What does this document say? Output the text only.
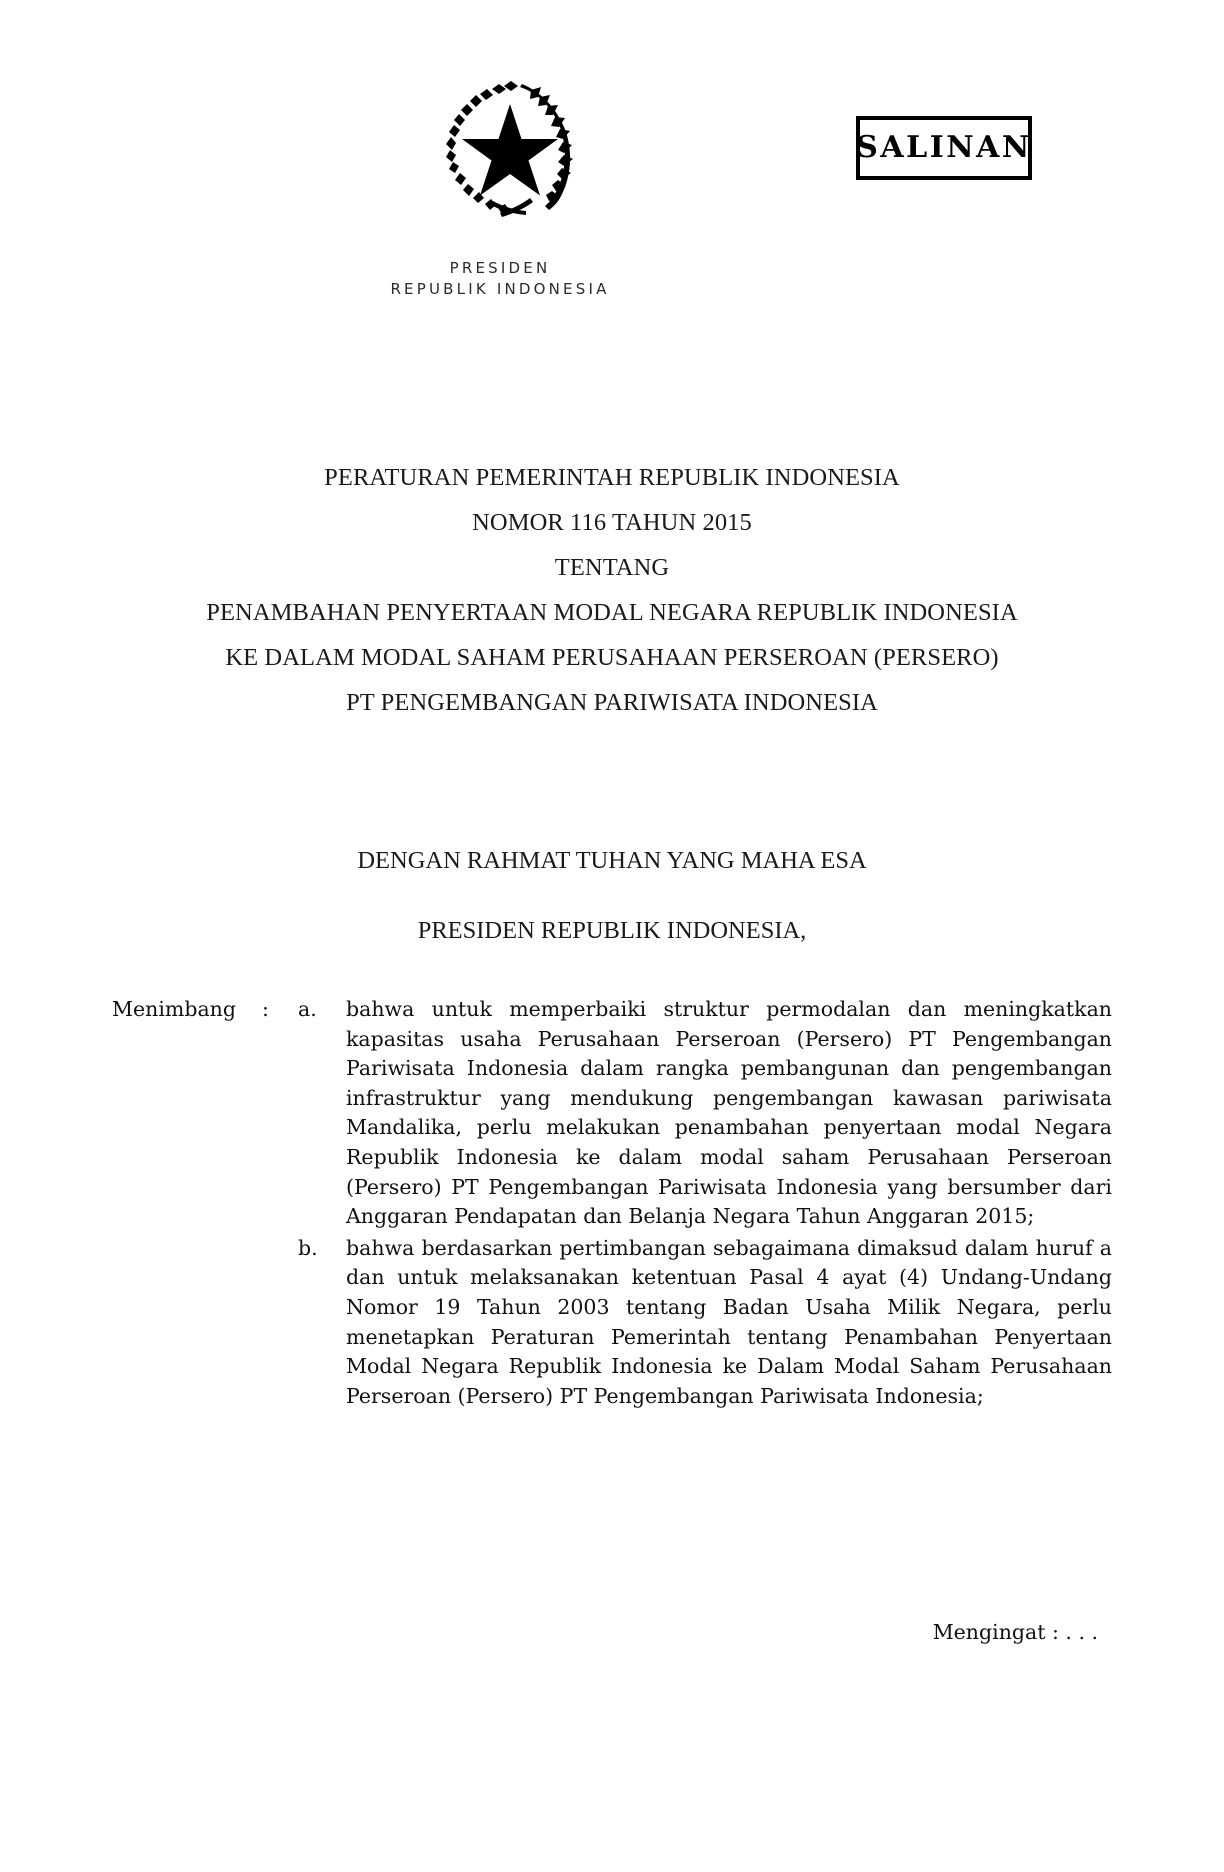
PRESIDEN
REPUBLIK INDONESIA
SALINAN
PERATURAN PEMERINTAH REPUBLIK INDONESIA
NOMOR 116 TAHUN 2015
TENTANG
PENAMBAHAN PENYERTAAN MODAL NEGARA REPUBLIK INDONESIA
KE DALAM MODAL SAHAM PERUSAHAAN PERSEROAN (PERSERO)
PT PENGEMBANGAN PARIWISATA INDONESIA
DENGAN RAHMAT TUHAN YANG MAHA ESA
PRESIDEN REPUBLIK INDONESIA,
Menimbang	:	a.	bahwa untuk memperbaiki struktur permodalan dan meningkatkan kapasitas usaha Perusahaan Perseroan (Persero) PT Pengembangan Pariwisata Indonesia dalam rangka pembangunan dan pengembangan infrastruktur yang mendukung pengembangan kawasan pariwisata Mandalika, perlu melakukan penambahan penyertaan modal Negara Republik Indonesia ke dalam modal saham Perusahaan Perseroan (Persero) PT Pengembangan Pariwisata Indonesia yang bersumber dari Anggaran Pendapatan dan Belanja Negara Tahun Anggaran 2015;
b.	bahwa berdasarkan pertimbangan sebagaimana dimaksud dalam huruf a dan untuk melaksanakan ketentuan Pasal 4 ayat (4) Undang-Undang Nomor 19 Tahun 2003 tentang Badan Usaha Milik Negara, perlu menetapkan Peraturan Pemerintah tentang Penambahan Penyertaan Modal Negara Republik Indonesia ke Dalam Modal Saham Perusahaan Perseroan (Persero) PT Pengembangan Pariwisata Indonesia;
Mengingat : . . .
